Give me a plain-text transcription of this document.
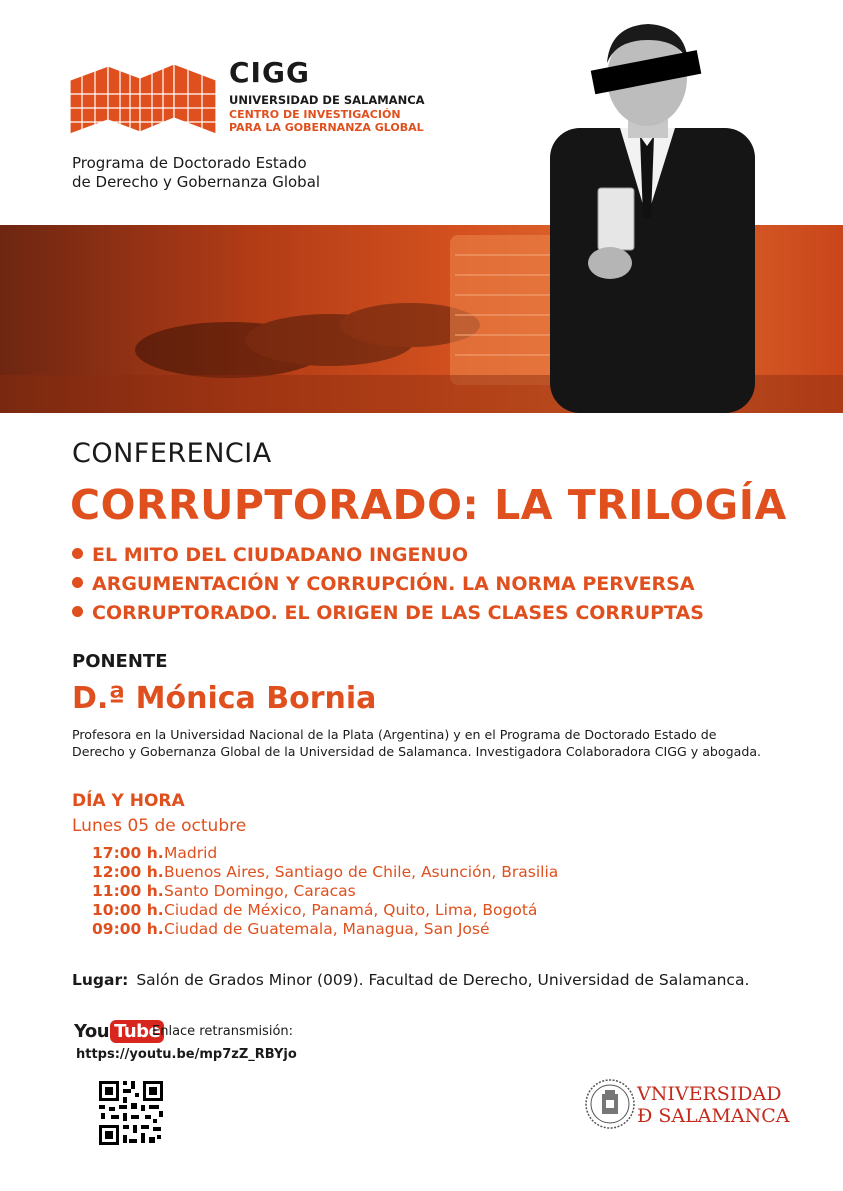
CIGG
UNIVERSIDAD DE SALAMANCA
CENTRO DE INVESTIGACIÓN
PARA LA GOBERNANZA GLOBAL
Programa de Doctorado Estado
de Derecho y Gobernanza Global
CONFERENCIA
CORRUPTORADO: LA TRILOGÍA
EL MITO DEL CIUDADANO INGENUO
ARGUMENTACIÓN Y CORRUPCIÓN. LA NORMA PERVERSA
CORRUPTORADO. EL ORIGEN DE LAS CLASES CORRUPTAS
PONENTE
D.ª Mónica Bornia
Profesora en la Universidad Nacional de la Plata (Argentina) y en el Programa de Doctorado Estado de
Derecho y Gobernanza Global de la Universidad de Salamanca. Investigadora Colaboradora CIGG y abogada.
DÍA Y HORA
Lunes 05 de octubre
17:00 h.Madrid
12:00 h.Buenos Aires, Santiago de Chile, Asunción, Brasilia
11:00 h.Santo Domingo, Caracas
10:00 h.Ciudad de México, Panamá, Quito, Lima, Bogotá
09:00 h.Ciudad de Guatemala, Managua, San José
Lugar: Salón de Grados Minor (009). Facultad de Derecho, Universidad de Salamanca.
You Tube
Enlace retransmisión:
https://youtu.be/mp7zZ_RBYjo
VNIVERSIDAD
Ð SALAMANCA
